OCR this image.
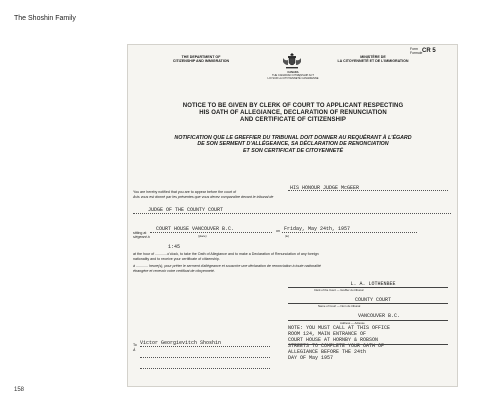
The Shoshin Family
Form
Formule CR 5
THE DEPARTMENT OF
CITIZENSHIP AND IMMIGRATION
CANADA
THE CANADIAN CITIZENSHIP ACT
LOI SUR LA CITOYENNETÉ CANADIENNE
MINISTÈRE DE
LA CITOYENNETÉ ET DE L'IMMIGRATION
NOTICE TO BE GIVEN BY CLERK OF COURT TO APPLICANT RESPECTING
HIS OATH OF ALLEGIANCE, DECLARATION OF RENUNCIATION
AND CERTIFICATE OF CITIZENSHIP
NOTIFICATION QUE LE GREFFIER DU TRIBUNAL DOIT DONNER AU REQUÉRANT À L'ÉGARD
DE SON SERMENT D'ALLÉGEANCE, SA DÉCLARATION DE RENONCIATION
ET SON CERTIFICAT DE CITOYENNETÉ
You are hereby notified that you are to appear before the court of
Avis vous est donné par les présentes que vous devez comparaître devant le tribunal de
HIS HONOUR JUDGE McGEER
JUDGE OF THE COUNTY COURT
sitting at
siégeant à
COURT HOUSE VANCOUVER B.C.	on Friday, May 24th, 1957
(place)	(le)
1:45
at the hour of ............o'clock, to take the Oath of Allegiance and to make a Declaration of Renunciation of any foreign
nationality and to receive your certificate of citizenship.
à ............ heure(s), pour prêter le serment d'allégeance et souscrire une déclaration de renonciation à toute nationalité
étrangère et recevoir votre certificat de citoyenneté.
L. A. LOTHENBEE
Clerk of the Court — Greffier du tribunal
COUNTY COURT
Name of Court — Nom du tribunal
VANCOUVER B.C.
Address — Adresse
NOTE: YOU MUST CALL AT THIS OFFICE
ROOM 124, MAIN ENTRANCE OF
COURT HOUSE AT HORNBY & ROBSON
STREETS TO COMPLETE YOUR OATH OF
ALLEGIANCE BEFORE THE 24th
DAY OF May 1957
To
À
Victor Georgievitch Shoshin
158
